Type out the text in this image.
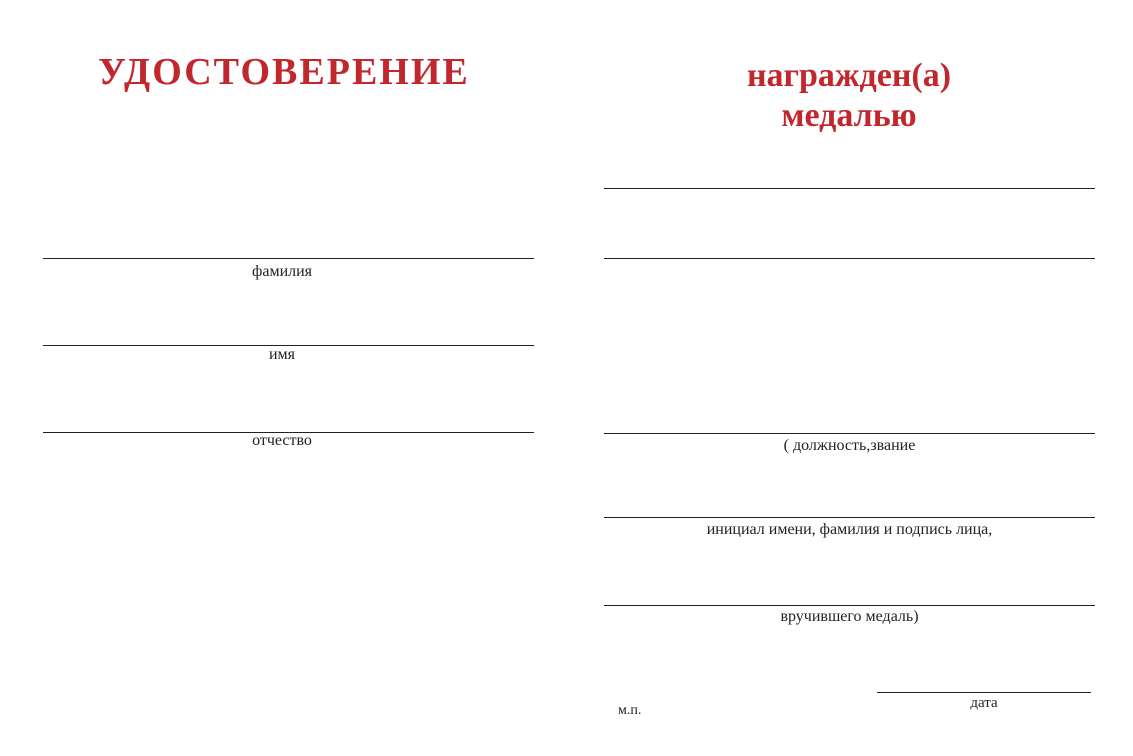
УДОСТОВЕРЕНИЕ
фамилия
имя
отчество
награжден(а)
медалью
( должность,звание
инициал имени, фамилия и подпись лица,
вручившего медаль)
м.п.	дата
